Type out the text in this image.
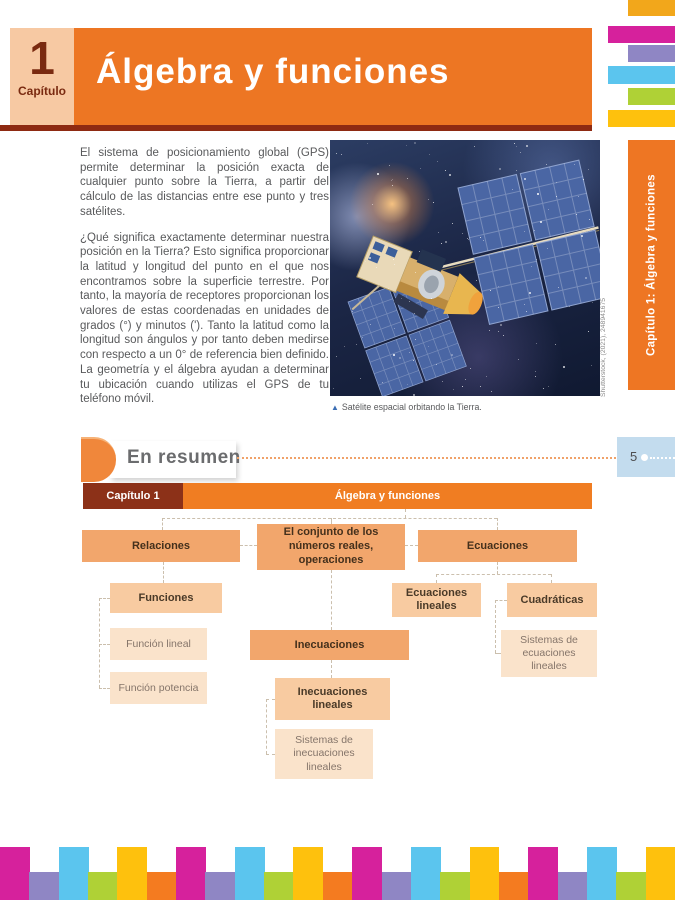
1
Capítulo Álgebra y funciones
Capítulo 1: Álgebra y funciones

El sistema de posicionamiento global (GPS) permite determinar la posición exacta de cualquier punto sobre la Tierra, a partir del cálculo de las distancias entre ese punto y tres satélites.

¿Qué significa exactamente determinar nuestra posición en la Tierra? Esto significa proporcionar la latitud y longitud del punto en el que nos encontramos sobre la superficie terrestre. Por tanto, la mayoría de receptores proporcionan los valores de estas coordenadas en unidades de grados (°) y minutos ('). Tanto la latitud como la longitud son ángulos y por tanto deben medirse con respecto a un 0° de referencia bien definido. La geometría y el álgebra ayudan a determinar tu ubicación cuando utilizas el GPS de tu teléfono móvil.

Shutterstock, (2021), 248941675
▲ Satélite espacial orbitando la Tierra.
En resumen	5
Capítulo 1	Álgebra y funciones
Relaciones
El conjunto de los números reales, operaciones
Ecuaciones
Funciones
Función lineal
Función potencia
Ecuaciones lineales	Cuadráticas
Sistemas de ecuaciones lineales
Inecuaciones
Inecuaciones lineales
Sistemas de inecuaciones lineales
